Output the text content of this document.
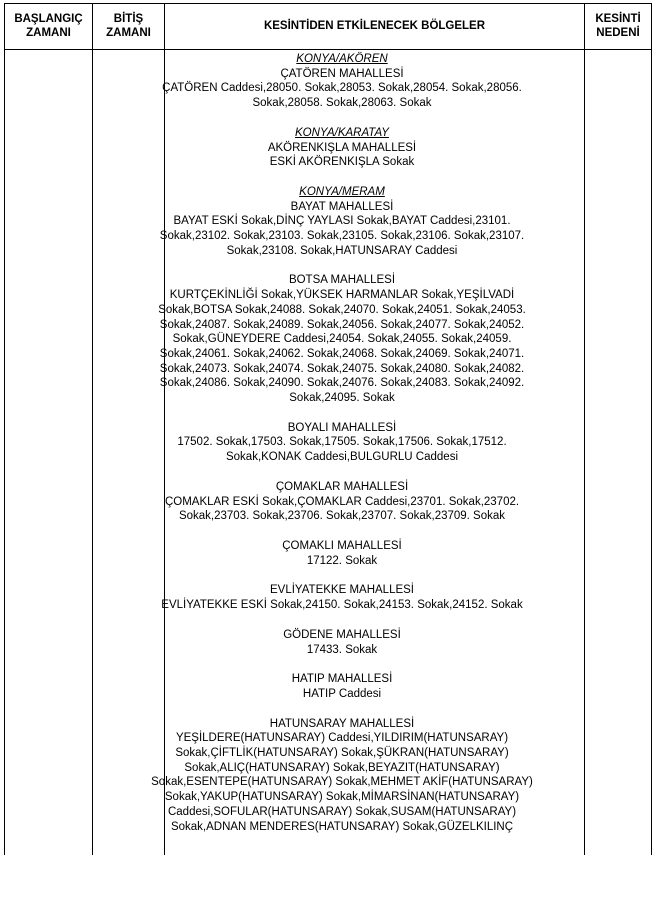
BAŞLANGIÇ
ZAMANI
BİTİŞ
ZAMANI
KESİNTİDEN ETKİLENECEK BÖLGELER
KESİNTİ
NEDENİ
KONYA/AKÖREN
ÇATÖREN MAHALLESİ
ÇATÖREN Caddesi,28050. Sokak,28053. Sokak,28054. Sokak,28056.
Sokak,28058. Sokak,28063. Sokak
KONYA/KARATAY
AKÖRENKIŞLA MAHALLESİ
ESKİ AKÖRENKIŞLA Sokak
KONYA/MERAM
BAYAT MAHALLESİ
BAYAT ESKİ Sokak,DİNÇ YAYLASI Sokak,BAYAT Caddesi,23101.
Sokak,23102. Sokak,23103. Sokak,23105. Sokak,23106. Sokak,23107.
Sokak,23108. Sokak,HATUNSARAY Caddesi
BOTSA MAHALLESİ
KURTÇEKİNLİĞİ Sokak,YÜKSEK HARMANLAR Sokak,YEŞİLVADİ
Sokak,BOTSA Sokak,24088. Sokak,24070. Sokak,24051. Sokak,24053.
Sokak,24087. Sokak,24089. Sokak,24056. Sokak,24077. Sokak,24052.
Sokak,GÜNEYDERE Caddesi,24054. Sokak,24055. Sokak,24059.
Sokak,24061. Sokak,24062. Sokak,24068. Sokak,24069. Sokak,24071.
Sokak,24073. Sokak,24074. Sokak,24075. Sokak,24080. Sokak,24082.
Sokak,24086. Sokak,24090. Sokak,24076. Sokak,24083. Sokak,24092.
Sokak,24095. Sokak
BOYALI MAHALLESİ
17502. Sokak,17503. Sokak,17505. Sokak,17506. Sokak,17512.
Sokak,KONAK Caddesi,BULGURLU Caddesi
ÇOMAKLAR MAHALLESİ
ÇOMAKLAR ESKİ Sokak,ÇOMAKLAR Caddesi,23701. Sokak,23702.
Sokak,23703. Sokak,23706. Sokak,23707. Sokak,23709. Sokak
ÇOMAKLI MAHALLESİ
17122. Sokak
EVLİYATEKKE MAHALLESİ
EVLİYATEKKE ESKİ Sokak,24150. Sokak,24153. Sokak,24152. Sokak
GÖDENE MAHALLESİ
17433. Sokak
HATIP MAHALLESİ
HATIP Caddesi
HATUNSARAY MAHALLESİ
YEŞİLDERE(HATUNSARAY) Caddesi,YILDIRIM(HATUNSARAY)
Sokak,ÇİFTLİK(HATUNSARAY) Sokak,ŞÜKRAN(HATUNSARAY)
Sokak,ALIÇ(HATUNSARAY) Sokak,BEYAZIT(HATUNSARAY)
Sokak,ESENTEPE(HATUNSARAY) Sokak,MEHMET AKİF(HATUNSARAY)
Sokak,YAKUP(HATUNSARAY) Sokak,MİMARSİNAN(HATUNSARAY)
Caddesi,SOFULAR(HATUNSARAY) Sokak,SUSAM(HATUNSARAY)
Sokak,ADNAN MENDERES(HATUNSARAY) Sokak,GÜZELKILINÇ
